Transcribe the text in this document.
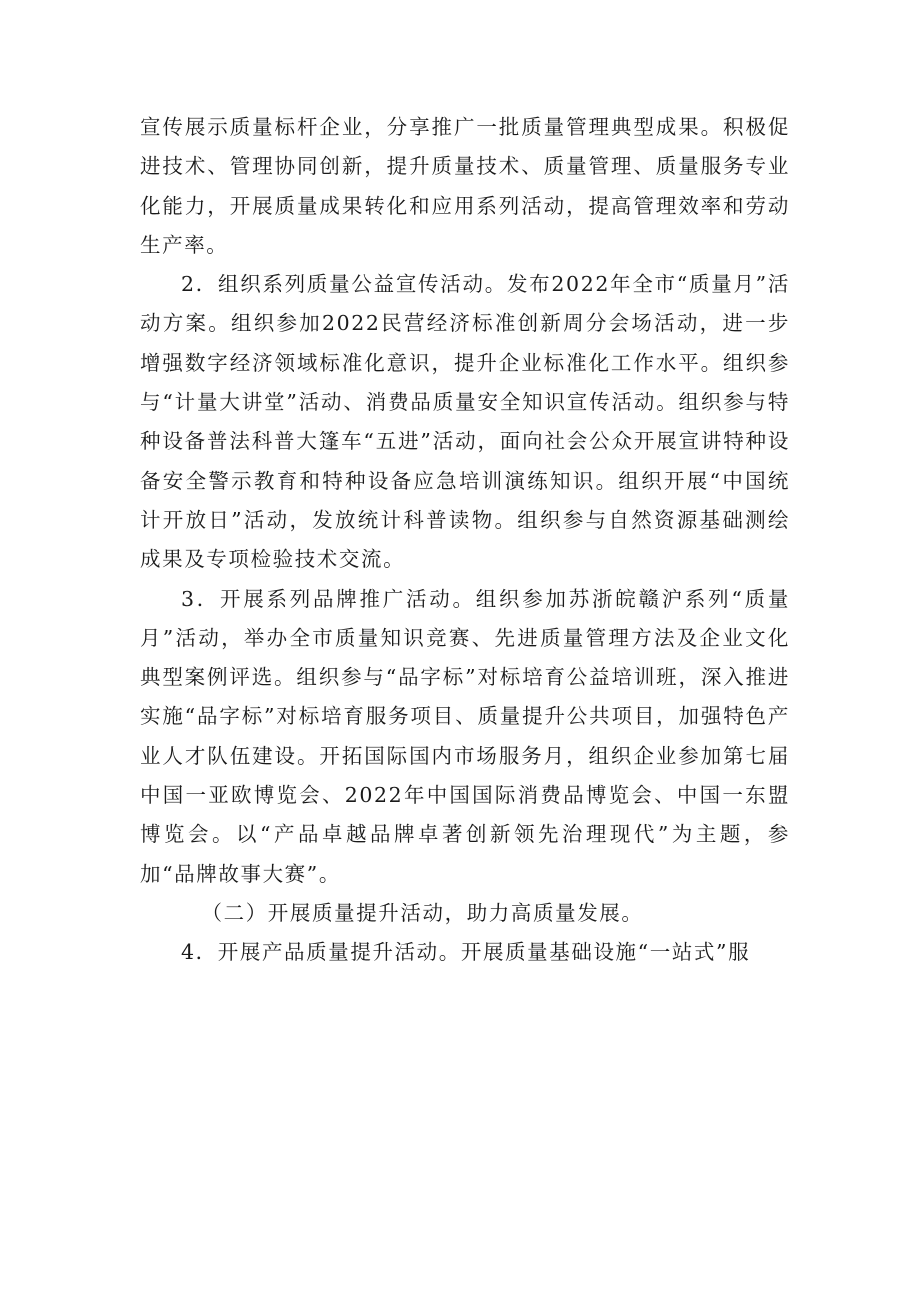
宣传展示质量标杆企业，分享推广一批质量管理典型成果。积极促进技术、管理协同创新，提升质量技术、质量管理、质量服务专业化能力，开展质量成果转化和应用系列活动，提高管理效率和劳动生产率。

2．组织系列质量公益宣传活动。发布2022年全市“质量月”活动方案。组织参加2022民营经济标准创新周分会场活动，进一步增强数字经济领域标准化意识，提升企业标准化工作水平。组织参与“计量大讲堂”活动、消费品质量安全知识宣传活动。组织参与特种设备普法科普大篷车“五进”活动，面向社会公众开展宣讲特种设备安全警示教育和特种设备应急培训演练知识。组织开展“中国统计开放日”活动，发放统计科普读物。组织参与自然资源基础测绘成果及专项检验技术交流。

3．开展系列品牌推广活动。组织参加苏浙皖赣沪系列“质量月”活动，举办全市质量知识竞赛、先进质量管理方法及企业文化典型案例评选。组织参与“品字标”对标培育公益培训班，深入推进实施“品字标”对标培育服务项目、质量提升公共项目，加强特色产业人才队伍建设。开拓国际国内市场服务月，组织企业参加第七届中国一亚欧博览会、2022年中国国际消费品博览会、中国一东盟博览会。以“产品卓越品牌卓著创新领先治理现代”为主题，参加“品牌故事大赛”。

（二）开展质量提升活动，助力高质量发展。

4．开展产品质量提升活动。开展质量基础设施“一站式”服
